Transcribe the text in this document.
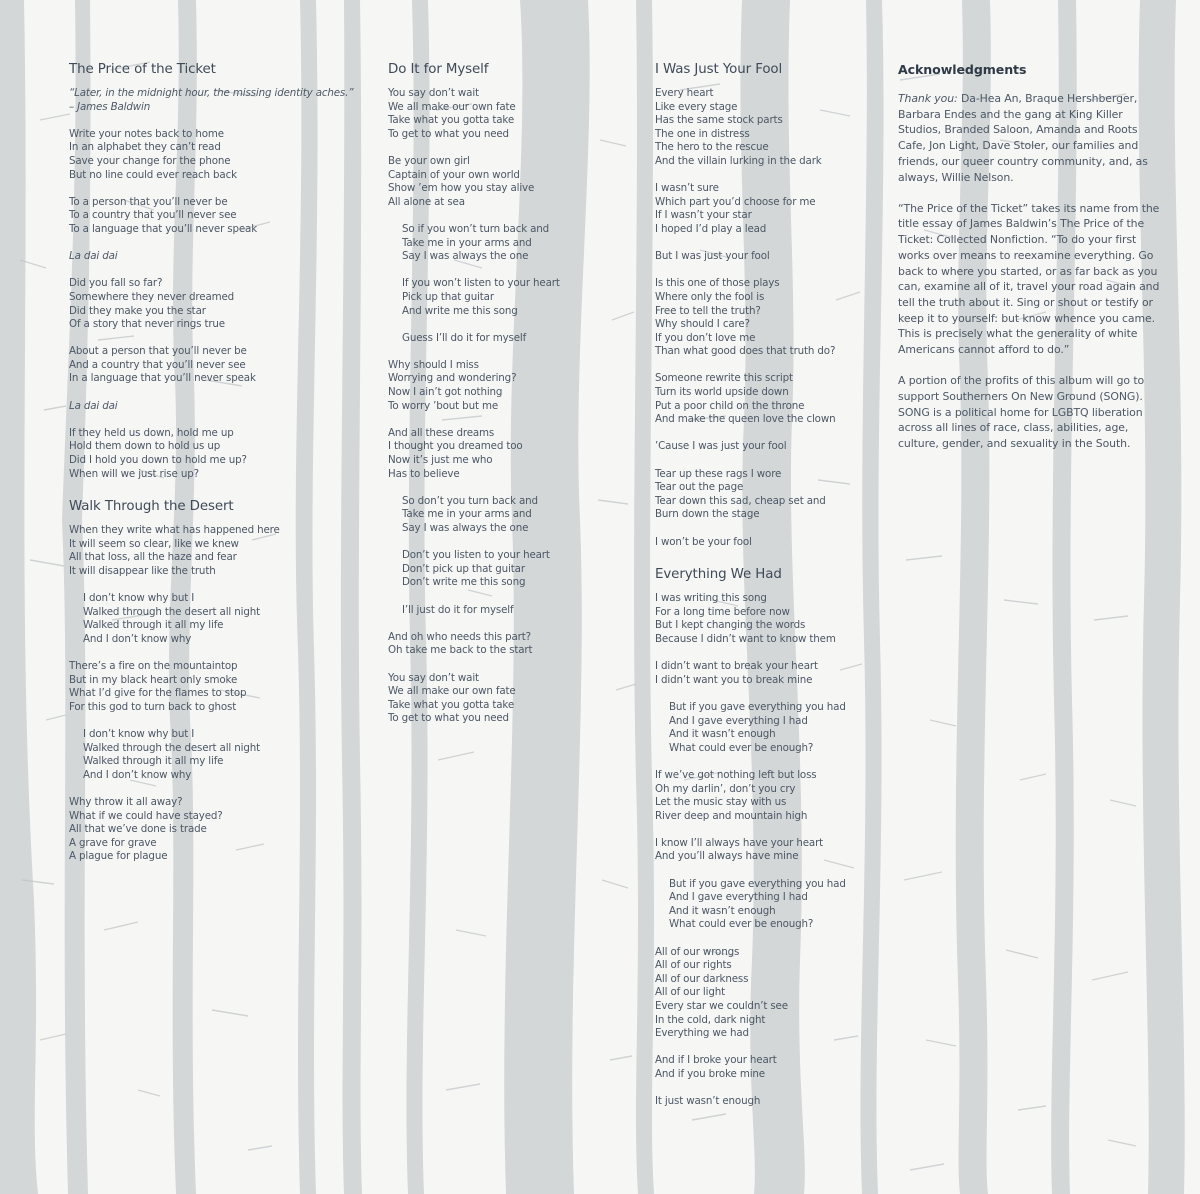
The Price of the Ticket
“Later, in the midnight hour, the missing identity aches.”
– James Baldwin
Write your notes back to home
In an alphabet they can’t read
Save your change for the phone
But no line could ever reach back
To a person that you’ll never be
To a country that you’ll never see
To a language that you’ll never speak
La dai dai
Did you fall so far?
Somewhere they never dreamed
Did they make you the star
Of a story that never rings true
About a person that you’ll never be
And a country that you’ll never see
In a language that you’ll never speak
La dai dai
If they held us down, hold me up
Hold them down to hold us up
Did I hold you down to hold me up?
When will we just rise up?
Walk Through the Desert
When they write what has happened here
It will seem so clear, like we knew
All that loss, all the haze and fear
It will disappear like the truth
I don’t know why but I
Walked through the desert all night
Walked through it all my life
And I don’t know why
There’s a fire on the mountaintop
But in my black heart only smoke
What I’d give for the flames to stop
For this god to turn back to ghost
I don’t know why but I
Walked through the desert all night
Walked through it all my life
And I don’t know why
Why throw it all away?
What if we could have stayed?
All that we’ve done is trade
A grave for grave
A plague for plague
Do It for Myself
You say don’t wait
We all make our own fate
Take what you gotta take
To get to what you need
Be your own girl
Captain of your own world
Show ’em how you stay alive
All alone at sea
So if you won’t turn back and
Take me in your arms and
Say I was always the one
If you won’t listen to your heart
Pick up that guitar
And write me this song
Guess I’ll do it for myself
Why should I miss
Worrying and wondering?
Now I ain’t got nothing
To worry ’bout but me
And all these dreams
I thought you dreamed too
Now it’s just me who
Has to believe
So don’t you turn back and
Take me in your arms and
Say I was always the one
Don’t you listen to your heart
Don’t pick up that guitar
Don’t write me this song
I’ll just do it for myself
And oh who needs this part?
Oh take me back to the start
You say don’t wait
We all make our own fate
Take what you gotta take
To get to what you need
I Was Just Your Fool
Every heart
Like every stage
Has the same stock parts
The one in distress
The hero to the rescue
And the villain lurking in the dark
I wasn’t sure
Which part you’d choose for me
If I wasn’t your star
I hoped I’d play a lead
But I was just your fool
Is this one of those plays
Where only the fool is
Free to tell the truth?
Why should I care?
If you don’t love me
Than what good does that truth do?
Someone rewrite this script
Turn its world upside down
Put a poor child on the throne
And make the queen love the clown
’Cause I was just your fool
Tear up these rags I wore
Tear out the page
Tear down this sad, cheap set and
Burn down the stage
I won’t be your fool
Everything We Had
I was writing this song
For a long time before now
But I kept changing the words
Because I didn’t want to know them
I didn’t want to break your heart
I didn’t want you to break mine
But if you gave everything you had
And I gave everything I had
And it wasn’t enough
What could ever be enough?
If we’ve got nothing left but loss
Oh my darlin’, don’t you cry
Let the music stay with us
River deep and mountain high
I know I’ll always have your heart
And you’ll always have mine
But if you gave everything you had
And I gave everything I had
And it wasn’t enough
What could ever be enough?
All of our wrongs
All of our rights
All of our darkness
All of our light
Every star we couldn’t see
In the cold, dark night
Everything we had
And if I broke your heart
And if you broke mine
It just wasn’t enough
Acknowledgments

Thank you: Da-Hea An, Braque Hershberger, Barbara Endes and the gang at King Killer Studios, Branded Saloon, Amanda and Roots Cafe, Jon Light, Dave Stoler, our families and friends, our queer country community, and, as always, Willie Nelson.

“The Price of the Ticket” takes its name from the title essay of James Baldwin’s The Price of the Ticket: Collected Nonfiction. “To do your first works over means to reexamine everything. Go back to where you started, or as far back as you can, examine all of it, travel your road again and tell the truth about it. Sing or shout or testify or keep it to yourself: but know whence you came. This is precisely what the generality of white Americans cannot afford to do.”

A portion of the profits of this album will go to support Southerners On New Ground (SONG). SONG is a political home for LGBTQ liberation across all lines of race, class, abilities, age, culture, gender, and sexuality in the South.
